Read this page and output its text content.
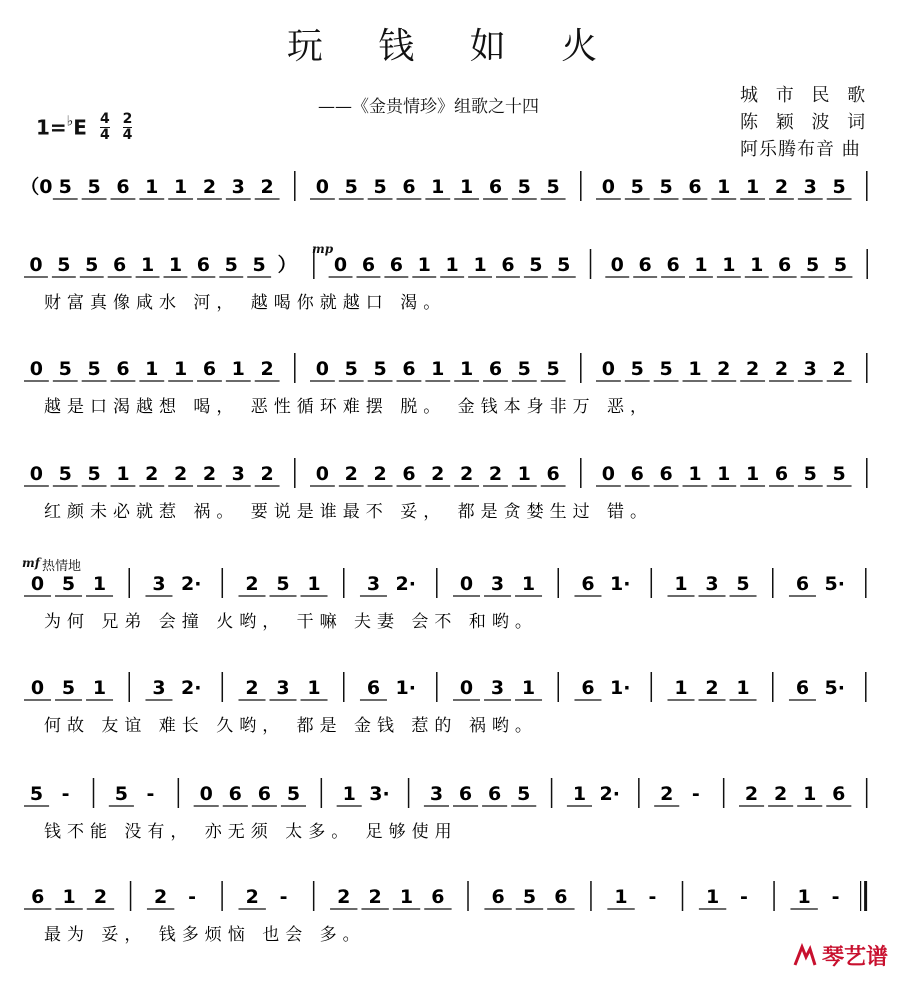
玩 钱 如 火
——《金贵情珍》组歌之十四
城 市 民 歌
陈 颖 波 词
阿乐腾布音 曲
$1=^♭E \frac{4}{4}$
$\frac{2}{4}$
mp
mf 热情地
（0 5 5 6 1 1 2 3 2 0 5 5 6 1 1 6 5 5 0 5 5 6 1 1 2 3 5
0 5 5 6 1 1 6 5 5 ） 0 6 6 1 1 1 6 5 5 0 6 6 1 1 1 6 5 5
财富真像咸水 河， 越喝你就越口 渴。
0 5 5 6 1 1 6 1 2 0 5 5 6 1 1 6 5 5 0 5 5 1 2 2 2 3 2
越是口渴越想 喝， 恶性循环难摆 脱。 金钱本身非万 恶，
0 5 5 1 2 2 2 3 2 0 2 2 6 2 2 2 1 6 0 6 6 1 1 1 6 5 5
红颜未必就惹 祸。 要说是谁最不 妥， 都是贪婪生过 错。
0 5 1 3 2· 2 5 1 3 2· 0 3 1 6 1· 1 3 5 6 5·
为何 兄弟 会撞 火哟， 干嘛 夫妻 会不 和哟。
0 5 1 3 2· 2 3 1 6 1· 0 3 1 6 1· 1 2 1 6 5·
何故 友谊 难长 久哟， 都是 金钱 惹的 祸哟。
5 - 5 - 0 6 6 5 1 3· 3 6 6 5 1 2· 2 - 2 2 1 6
钱不能 没有， 亦无须 太多。 足够使用
6 1 2 2 -	2 -	2 2 1 6 6 5 6 1 -	1 -	1 -
最为 妥， 钱多烦恼 也会 多。
琴艺谱
